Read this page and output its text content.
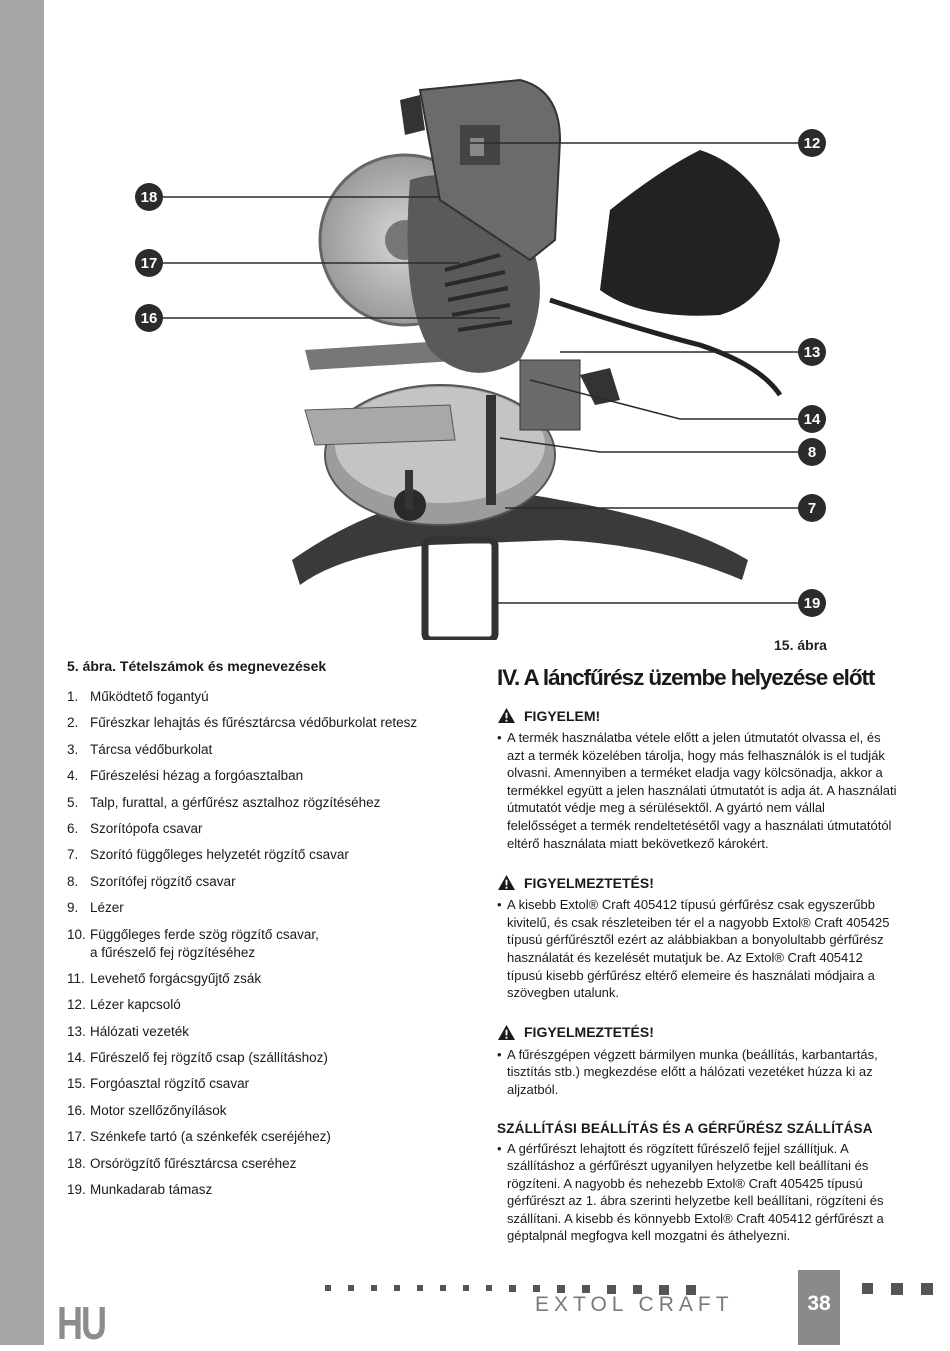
18
17
16
12
13
14
8
7
19
15. ábra

5. ábra. Tételszámok és megnevezések

1. Működtető fogantyú
2. Fűrészkar lehajtás és fűrésztárcsa védőburkolat retesz
3. Tárcsa védőburkolat
4. Fűrészelési hézag a forgóasztalban
5. Talp, furattal, a gérfűrész asztalhoz rögzítéséhez
6. Szorítópofa csavar
7. Szorító függőleges helyzetét rögzítő csavar
8. Szorítófej rögzítő csavar
9. Lézer
10. Függőleges ferde szög rögzítő csavar,
a fűrészelő fej rögzítéséhez
11. Levehető forgácsgyűjtő zsák
12. Lézer kapcsoló
13. Hálózati vezeték
14. Fűrészelő fej rögzítő csap (szállításhoz)
15. Forgóasztal rögzítő csavar
16. Motor szellőzőnyílások
17. Szénkefe tartó (a szénkefék cseréjéhez)
18. Orsórögzítő fűrésztárcsa cseréhez
19. Munkadarab támasz
IV. A láncfűrész üzembe helyezése előtt
FIGYELEM!

• A termék használatba vétele előtt a jelen útmutatót olvassa el, és azt a termék közelében tárolja, hogy más felhasználók is el tudják olvasni. Amennyiben a terméket eladja vagy kölcsönadja, akkor a termékkel együtt a jelen használati útmutatót is adja át. A használati útmutatót védje meg a sérülésektől. A gyártó nem vállal felelősséget a termék rendeltetésétől vagy a használati útmutatótól eltérő használata miatt bekövetkező károkért.

FIGYELMEZTETÉS!

• A kisebb Extol® Craft 405412 típusú gérfűrész csak egyszerűbb kivitelű, és csak részleteiben tér el a nagyobb Extol® Craft 405425 típusú gérfűrésztől ezért az alábbiakban a bonyolultabb gérfűrész használatát és kezelését mutatjuk be. Az Extol® Craft 405412 típusú kisebb gérfűrész eltérő elemeire és használati módjaira a szövegben utalunk.

FIGYELMEZTETÉS!

• A fűrészgépen végzett bármilyen munka (beállítás, karbantartás, tisztítás stb.) megkezdése előtt a hálózati vezetéket húzza ki az aljzatból.

SZÁLLÍTÁSI BEÁLLÍTÁS ÉS A GÉRFŰRÉSZ SZÁLLÍTÁSA

• A gérfűrészt lehajtott és rögzített fűrészelő fejjel szállítjuk. A szállításhoz a gérfűrészt ugyanilyen helyzetbe kell beállítani és rögzíteni. A nagyobb és nehezebb Extol® Craft 405425 típusú gérfűrészt az 1. ábra szerinti helyzetbe kell beállítani, rögzíteni és szállítani. A kisebb és könnyebb Extol® Craft 405412 gérfűrészt a géptalpnál megfogva kell mozgatni és áthelyezni.

HU	EXTOL CRAFT	38
